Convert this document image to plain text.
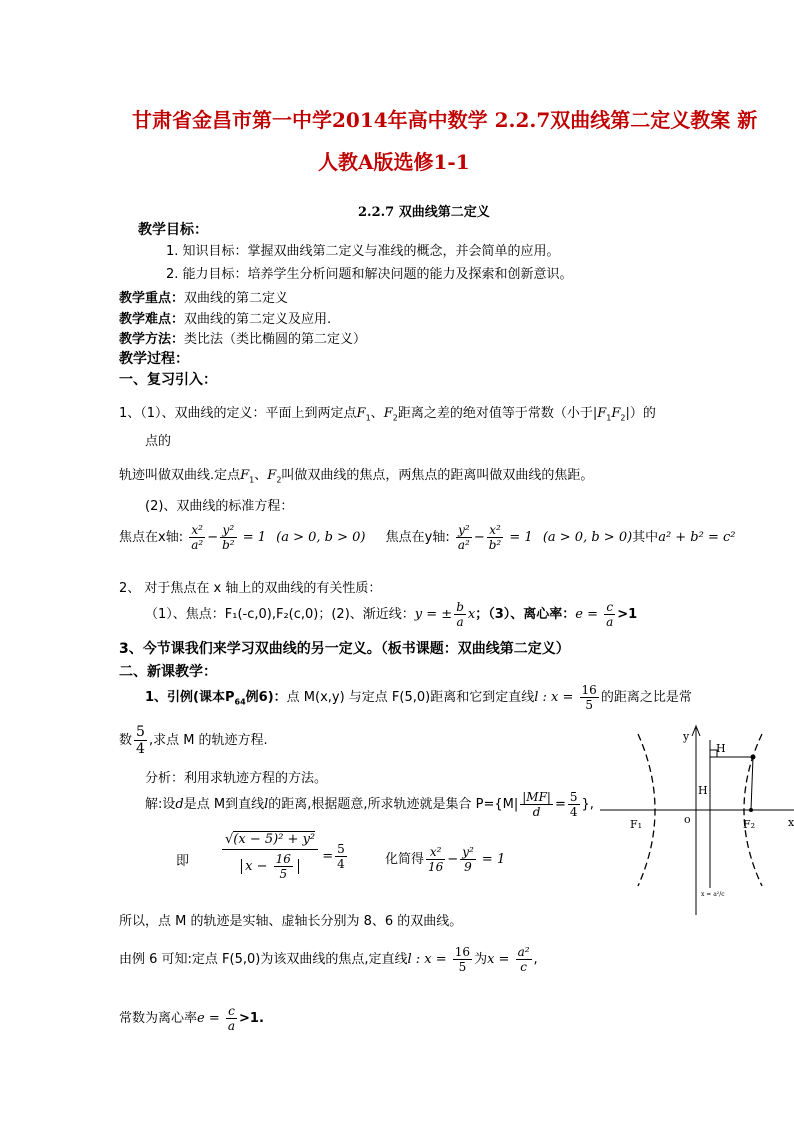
甘肃省金昌市第一中学2014年高中数学 2.2.7双曲线第二定义教案 新
人教A版选修1-1
2.2.7 双曲线第二定义
教学目标：
1. 知识目标：掌握双曲线第二定义与准线的概念，并会简单的应用。
2. 能力目标：培养学生分析问题和解决问题的能力及探索和创新意识。
教学重点：双曲线的第二定义
教学难点：双曲线的第二定义及应用.
教学方法：类比法（类比椭圆的第二定义）
教学过程：
一、复习引入：
1、（1）、双曲线的定义：平面上到两定点$F_1$、$F_2$距离之差的绝对值等于常数（小于$|F_1F_2|$）的
点的
轨迹叫做双曲线.定点$F_1$、$F_2$叫做双曲线的焦点，两焦点的距离叫做双曲线的焦距。
(2)、双曲线的标准方程：
焦点在x轴: $\frac{\text{x²}}{\text{a²}} - \frac{\text{y²}}{\text{b²}} = 1$ (a > 0, b > 0) 焦点在y轴: $\frac{\text{y²}}{\text{a²}} - \frac{\text{x²}}{\text{b²}} = 1$ (a > 0, b > 0)其中a² + b² = c²
2、 对于焦点在 x 轴上的双曲线的有关性质：
（1）、焦点：F₁(-c,0),F₂(c,0)；(2)、渐近线：y = ± $\frac{b}{a}$ x；（3）、离心率：$e = \frac{c}{a} >1$
3、今节课我们来学习双曲线的另一定义。（板书课题：双曲线第二定义）
二、新课教学：
1、引例(课本$P_{64}$例6)：点 M(x,y) 与定点 F(5,0)距离和它到定直线l : $x = \frac{16}{5}$ 的距离之比是常
数 $\frac{5}{4}$ ,求点 M 的轨迹方程.
分析：利用求轨迹方程的方法。
解:设d是点 M到直线l的距离,根据题意,所求轨迹就是集合 $P=\{M| \frac{|MF|}{d} = \frac{5}{4}$ },
即	$\frac{\text{√(x − 5)² + y²}}{x - \frac{16}{5}} = \frac{5}{4}$	化简得 $\frac{\text{x²}}{16} - \frac{\text{y²}}{9} = 1$
所以，点 M 的轨迹是实轴、虚轴长分别为 8、6 的双曲线。
由例 6 可知:定点 F(5,0)为该双曲线的焦点,定直线l : $x = \frac{16}{5}$ 为$x = \frac{\text{a²}}{c}$ ,
常数为离心率$e = \frac{c}{a} >1$.
y
x
o
H
H
F₁	F₂
x = a²/c
